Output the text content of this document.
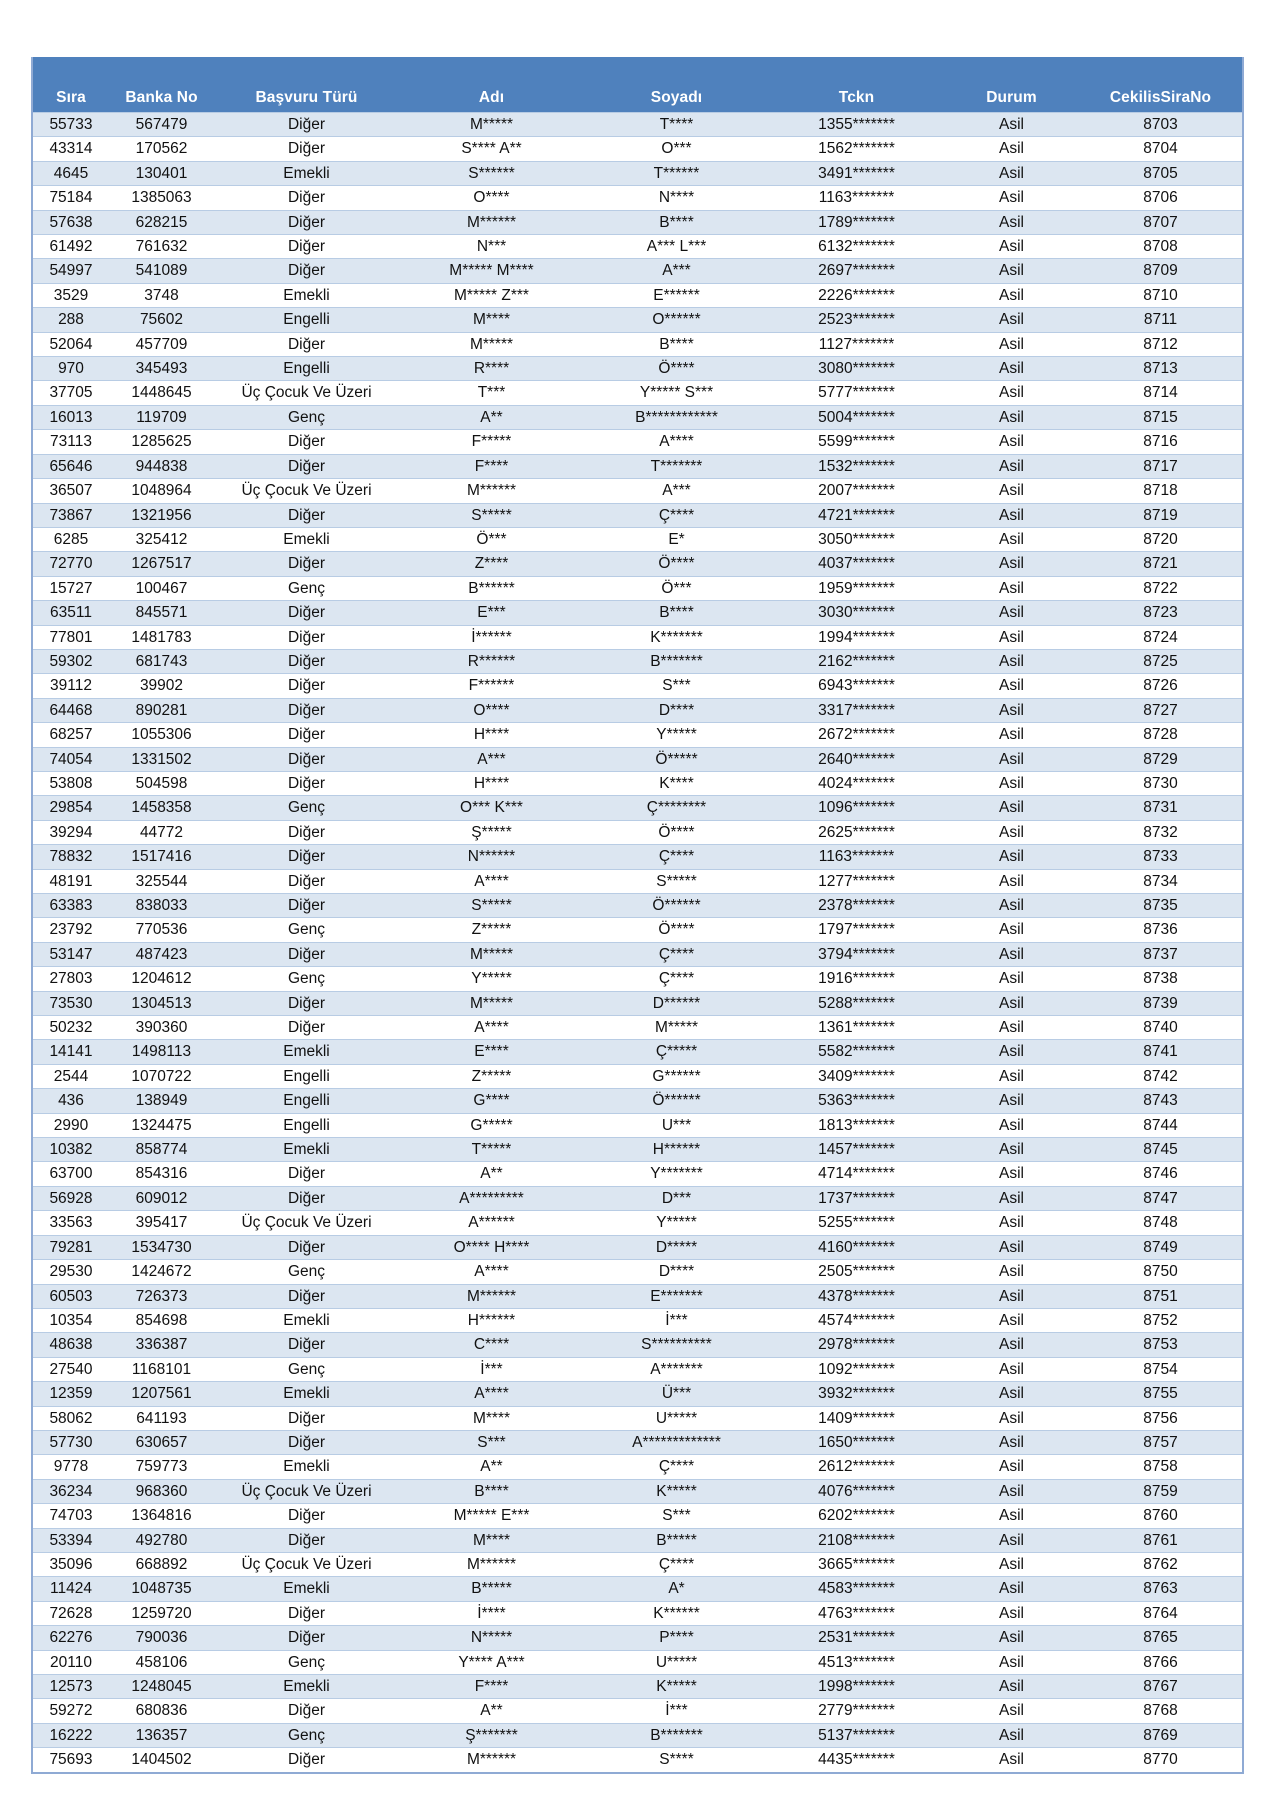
Sıra	Banka No	Başvuru Türü	Adı	Soyadı	Tckn	Durum	CekilisSiraNo
55733	567479	Diğer	M*****	T****	1355*******	Asil	8703
43314	170562	Diğer	S**** A**	O***	1562*******	Asil	8704
4645	130401	Emekli	S******	T******	3491*******	Asil	8705
75184	1385063	Diğer	O****	N****	1163*******	Asil	8706
57638	628215	Diğer	M******	B****	1789*******	Asil	8707
61492	761632	Diğer	N***	A*** L***	6132*******	Asil	8708
54997	541089	Diğer	M***** M****	A***	2697*******	Asil	8709
3529	3748	Emekli	M***** Z***	E******	2226*******	Asil	8710
288	75602	Engelli	M****	O******	2523*******	Asil	8711
52064	457709	Diğer	M*****	B****	1127*******	Asil	8712
970	345493	Engelli	R****	Ö****	3080*******	Asil	8713
37705	1448645	Üç Çocuk Ve Üzeri	T***	Y***** S***	5777*******	Asil	8714
16013	119709	Genç	A**	B************	5004*******	Asil	8715
73113	1285625	Diğer	F*****	A****	5599*******	Asil	8716
65646	944838	Diğer	F****	T*******	1532*******	Asil	8717
36507	1048964	Üç Çocuk Ve Üzeri	M******	A***	2007*******	Asil	8718
73867	1321956	Diğer	S*****	Ç****	4721*******	Asil	8719
6285	325412	Emekli	Ö***	E*	3050*******	Asil	8720
72770	1267517	Diğer	Z****	Ö****	4037*******	Asil	8721
15727	100467	Genç	B******	Ö***	1959*******	Asil	8722
63511	845571	Diğer	E***	B****	3030*******	Asil	8723
77801	1481783	Diğer	İ******	K*******	1994*******	Asil	8724
59302	681743	Diğer	R******	B*******	2162*******	Asil	8725
39112	39902	Diğer	F******	S***	6943*******	Asil	8726
64468	890281	Diğer	O****	D****	3317*******	Asil	8727
68257	1055306	Diğer	H****	Y*****	2672*******	Asil	8728
74054	1331502	Diğer	A***	Ö*****	2640*******	Asil	8729
53808	504598	Diğer	H****	K****	4024*******	Asil	8730
29854	1458358	Genç	O*** K***	Ç********	1096*******	Asil	8731
39294	44772	Diğer	Ş*****	Ö****	2625*******	Asil	8732
78832	1517416	Diğer	N******	Ç****	1163*******	Asil	8733
48191	325544	Diğer	A****	S*****	1277*******	Asil	8734
63383	838033	Diğer	S*****	Ö******	2378*******	Asil	8735
23792	770536	Genç	Z*****	Ö****	1797*******	Asil	8736
53147	487423	Diğer	M*****	Ç****	3794*******	Asil	8737
27803	1204612	Genç	Y*****	Ç****	1916*******	Asil	8738
73530	1304513	Diğer	M*****	D******	5288*******	Asil	8739
50232	390360	Diğer	A****	M*****	1361*******	Asil	8740
14141	1498113	Emekli	E****	Ç*****	5582*******	Asil	8741
2544	1070722	Engelli	Z*****	G******	3409*******	Asil	8742
436	138949	Engelli	G****	Ö******	5363*******	Asil	8743
2990	1324475	Engelli	G*****	U***	1813*******	Asil	8744
10382	858774	Emekli	T*****	H******	1457*******	Asil	8745
63700	854316	Diğer	A**	Y*******	4714*******	Asil	8746
56928	609012	Diğer	A*********	D***	1737*******	Asil	8747
33563	395417	Üç Çocuk Ve Üzeri	A******	Y*****	5255*******	Asil	8748
79281	1534730	Diğer	O**** H****	D*****	4160*******	Asil	8749
29530	1424672	Genç	A****	D****	2505*******	Asil	8750
60503	726373	Diğer	M******	E*******	4378*******	Asil	8751
10354	854698	Emekli	H******	İ***	4574*******	Asil	8752
48638	336387	Diğer	C****	S**********	2978*******	Asil	8753
27540	1168101	Genç	İ***	A*******	1092*******	Asil	8754
12359	1207561	Emekli	A****	Ü***	3932*******	Asil	8755
58062	641193	Diğer	M****	U*****	1409*******	Asil	8756
57730	630657	Diğer	S***	A*************	1650*******	Asil	8757
9778	759773	Emekli	A**	Ç****	2612*******	Asil	8758
36234	968360	Üç Çocuk Ve Üzeri	B****	K*****	4076*******	Asil	8759
74703	1364816	Diğer	M***** E***	S***	6202*******	Asil	8760
53394	492780	Diğer	M****	B*****	2108*******	Asil	8761
35096	668892	Üç Çocuk Ve Üzeri	M******	Ç****	3665*******	Asil	8762
11424	1048735	Emekli	B*****	A*	4583*******	Asil	8763
72628	1259720	Diğer	İ****	K******	4763*******	Asil	8764
62276	790036	Diğer	N*****	P****	2531*******	Asil	8765
20110	458106	Genç	Y**** A***	U*****	4513*******	Asil	8766
12573	1248045	Emekli	F****	K*****	1998*******	Asil	8767
59272	680836	Diğer	A**	İ***	2779*******	Asil	8768
16222	136357	Genç	Ş*******	B*******	5137*******	Asil	8769
75693	1404502	Diğer	M******	S****	4435*******	Asil	8770
